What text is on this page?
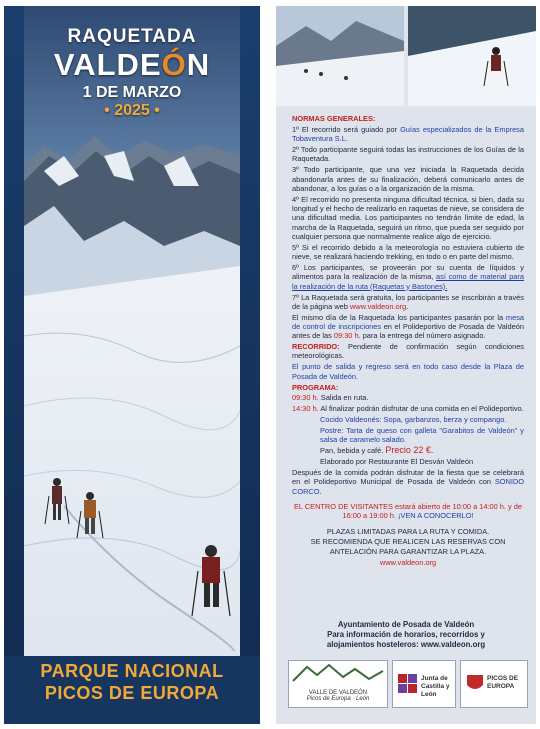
RAQUETADA
VALDEÓN
1 DE MARZO
• 2025 •
PARQUE NACIONAL
PICOS DE EUROPA

NORMAS GENERALES:

1º El recorrido será guiado por Guías especializados de la Empresa Tobaventura S.L.

2º Todo participante seguirá todas las instrucciones de los Guías de la Raquetada.

3º Todo participante, que una vez iniciada la Raquetada decida abandonarla antes de su finalización, deberá comunicarlo antes de abandonar, a los guías o a la organización de la misma.

4º El recorrido no presenta ninguna dificultad técnica, si bien, dada su longitud y el hecho de realizarlo en raquetas de nieve, se considera de una dificultad media. Los participantes no tendrán límite de edad, la marcha de la Raquetada, seguirá un ritmo, que pueda ser seguido por cualquier persona que normalmente realice algo de ejercicio.

5º Si el recorrido debido a la meteorología no estuviera cubierto de nieve, se realizará haciendo trekking, en todo o en parte del mismo.

6º Los participantes, se proveerán por su cuenta de líquidos y alimentos para la realización de la misma, así como de material para la realización de la ruta (Raquetas y Bastones).

7º La Raquetada será gratuita, los participantes se inscribirán a través de la página web www.valdeon.org.

El mismo día de la Raquetada los participantes pasarán por la mesa de control de inscripciones en el Polideportivo de Posada de Valdeón antes de las 09:30 h. para la entrega del número asignado.

RECORRIDO: Pendiente de confirmación según condiciones meteorológicas.

El punto de salida y regreso será en todo caso desde la Plaza de Posada de Valdeón.

PROGRAMA:

09:30 h. Salida en ruta.

14:30 h. Al finalizar podrán disfrutar de una comida en el Polideportivo.

Cocido Valdeonés: Sopa, garbanzos, berza y compango.

Postre: Tarta de queso con galleta "Garabitos de Valdeón" y salsa de caramelo salado.

Pan, bebida y café. Precio 22 €.

Elaborado por Restaurante El Desván Valdeón

Después de la comida podrán disfrutar de la fiesta que se celebrará en el Polideportivo Municipal de Posada de Valdeón con SONIDO CORCO.

EL CENTRO DE VISITANTES estará abierto de 10:00 a 14:00 h. y de 16:00 a 19:00 h. ¡VEN A CONOCERLO!

PLAZAS LIMITADAS PARA LA RUTA Y COMIDA.

SE RECOMIENDA QUE REALICEN LAS RESERVAS CON ANTELACIÓN PARA GARANTIZAR LA PLAZA.

www.valdeon.org

Ayuntamiento de Posada de Valdeón
Para información de horarios, recorridos y
alojamientos hosteleros: www.valdeon.org
VALLE DE VALDEÓN
Picos de Europa · León
Junta de
Castilla y León
PICOS DE
EUROPA
